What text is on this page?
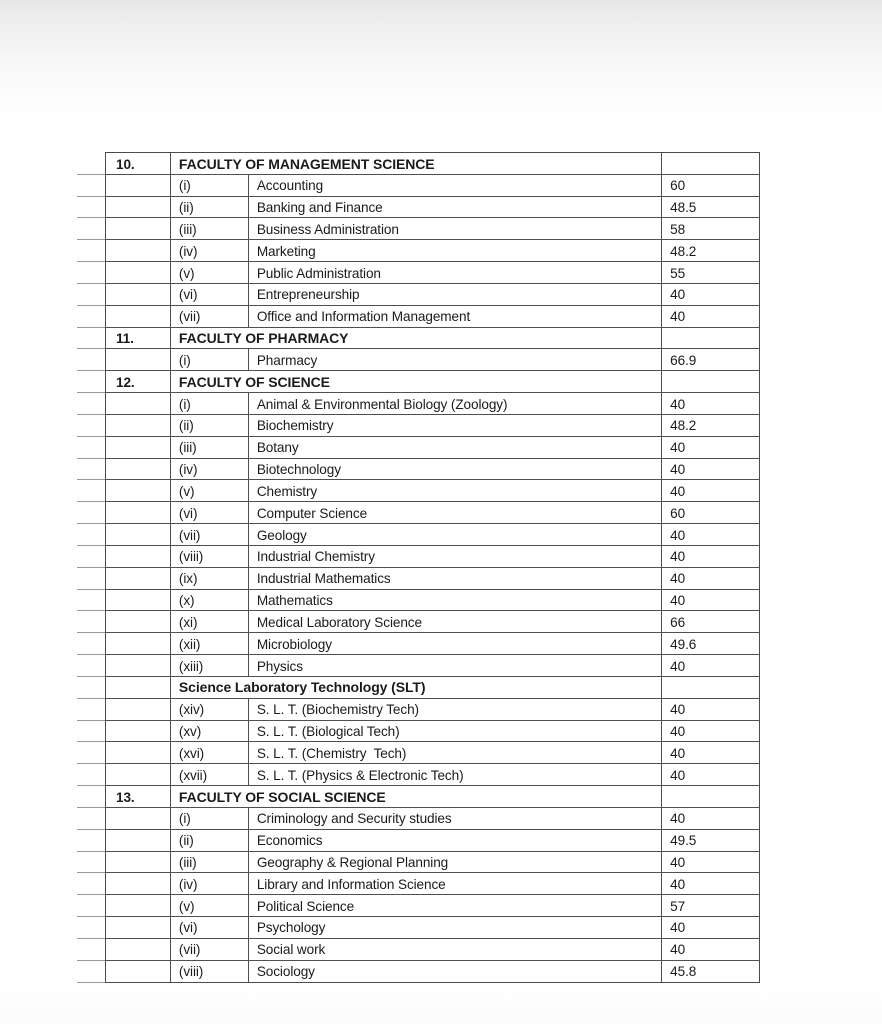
10.	FACULTY OF MANAGEMENT SCIENCE
(i)	Accounting	60
(ii)	Banking and Finance	48.5
(iii)	Business Administration	58
(iv)	Marketing	48.2
(v)	Public Administration	55
(vi)	Entrepreneurship	40
(vii)	Office and Information Management	40
11.	FACULTY OF PHARMACY
(i)	Pharmacy	66.9
12.	FACULTY OF SCIENCE
(i)	Animal & Environmental Biology (Zoology)	40
(ii)	Biochemistry	48.2
(iii)	Botany	40
(iv)	Biotechnology	40
(v)	Chemistry	40
(vi)	Computer Science	60
(vii)	Geology	40
(viii)	Industrial Chemistry	40
(ix)	Industrial Mathematics	40
(x)	Mathematics	40
(xi)	Medical Laboratory Science	66
(xii)	Microbiology	49.6
(xiii)	Physics	40
Science Laboratory Technology (SLT)
(xiv)	S. L. T. (Biochemistry Tech)	40
(xv)	S. L. T. (Biological Tech)	40
(xvi)	S. L. T. (Chemistry  Tech)	40
(xvii)	S. L. T. (Physics & Electronic Tech)	40
13.	FACULTY OF SOCIAL SCIENCE
(i)	Criminology and Security studies	40
(ii)	Economics	49.5
(iii)	Geography & Regional Planning	40
(iv)	Library and Information Science	40
(v)	Political Science	57
(vi)	Psychology	40
(vii)	Social work	40
(viii)	Sociology	45.8
